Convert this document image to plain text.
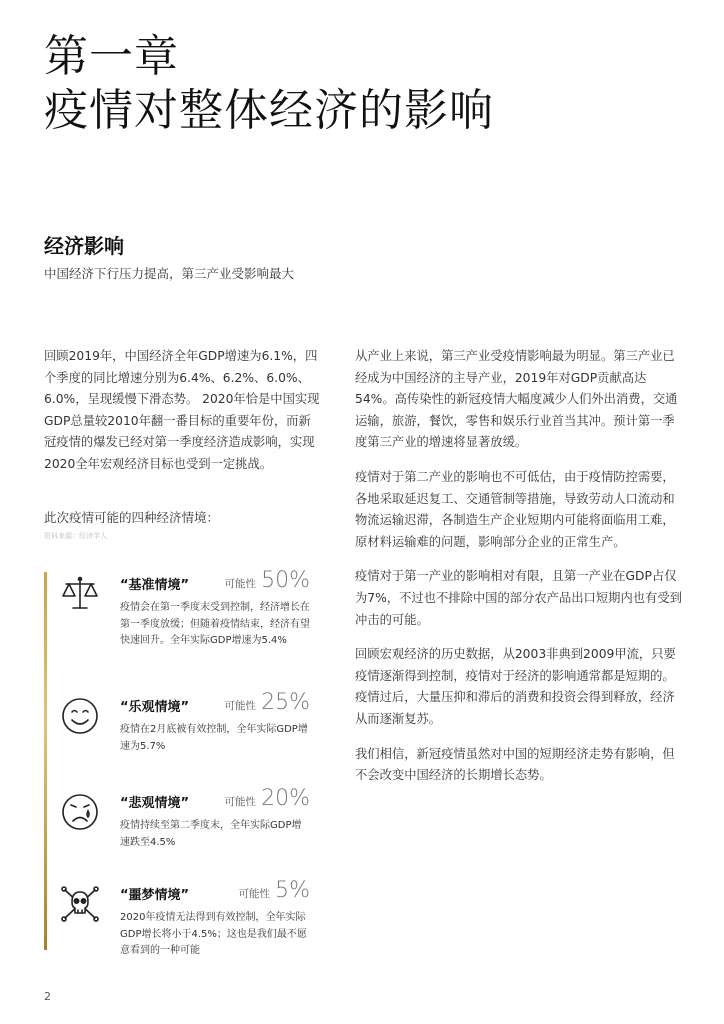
第一章
疫情对整体经济的影响
经济影响

中国经济下行压力提高，第三产业受影响最大

回顾2019年，中国经济全年GDP增速为6.1%，四个季度的同比增速分别为6.4%、6.2%、6.0%、6.0%，呈现缓慢下滑态势。 2020年恰是中国实现GDP总量较2010年翻一番目标的重要年份，而新冠疫情的爆发已经对第一季度经济造成影响，实现2020全年宏观经济目标也受到一定挑战。

此次疫情可能的四种经济情境：

资料来源：经济学人

“基准情境”	可能性 50%

疫情会在第一季度末受到控制，经济增长在第一季度放缓；但随着疫情结束，经济有望快速回升。全年实际GDP增速为5.4%

“乐观情境”	可能性 25%

疫情在2月底被有效控制，全年实际GDP增速为5.7%

“悲观情境”	可能性 20%

疫情持续至第二季度末，全年实际GDP增速跌至4.5%

“噩梦情境”	可能性 5%

2020年疫情无法得到有效控制，全年实际GDP增长将小于4.5%；这也是我们最不愿意看到的一种可能

从产业上来说，第三产业受疫情影响最为明显。第三产业已经成为中国经济的主导产业，2019年对GDP贡献高达54%。高传染性的新冠疫情大幅度减少人们外出消费，交通运输，旅游，餐饮，零售和娱乐行业首当其冲。预计第一季度第三产业的增速将显著放缓。

疫情对于第二产业的影响也不可低估，由于疫情防控需要，各地采取延迟复工、交通管制等措施，导致劳动人口流动和物流运输迟滞，各制造生产企业短期内可能将面临用工难，原材料运输难的问题，影响部分企业的正常生产。

疫情对于第一产业的影响相对有限，且第一产业在GDP占仅为7%，不过也不排除中国的部分农产品出口短期内也有受到冲击的可能。

回顾宏观经济的历史数据，从2003非典到2009甲流，只要疫情逐渐得到控制，疫情对于经济的影响通常都是短期的。疫情过后，大量压抑和滞后的消费和投资会得到释放，经济从而逐渐复苏。

我们相信，新冠疫情虽然对中国的短期经济走势有影响，但不会改变中国经济的长期增长态势。

2
